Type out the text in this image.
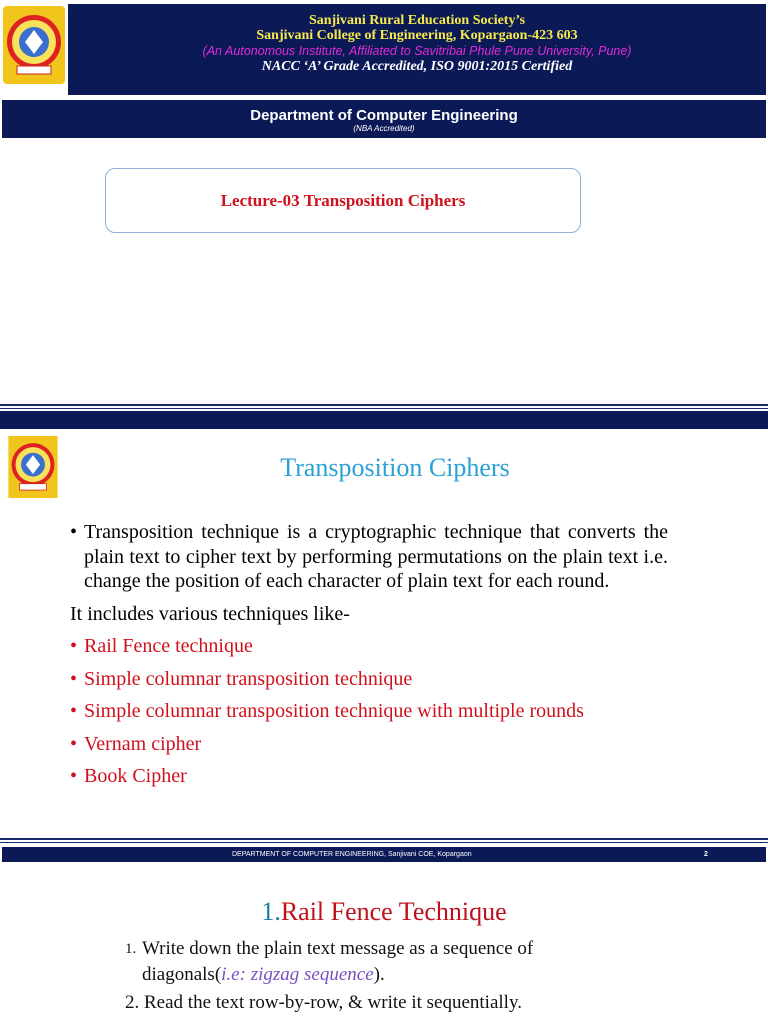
Sanjivani Rural Education Society’s
Sanjivani College of Engineering, Kopargaon-423 603
(An Autonomous Institute, Affiliated to Savitribai Phule Pune University, Pune)
NACC ‘A’ Grade Accredited, ISO 9001:2015 Certified
Department of Computer Engineering
(NBA Accredited)
Lecture-03 Transposition Ciphers
Transposition Ciphers
• Transposition technique is a cryptographic technique that converts the plain text to cipher text by performing permutations on the plain text i.e. change the position of each character of plain text for each round.
It includes various techniques like-
• Rail Fence technique
• Simple columnar transposition technique
• Simple columnar transposition technique with multiple rounds
• Vernam cipher
• Book Cipher
DEPARTMENT OF COMPUTER ENGINEERING, Sanjivani COE, Kopargaon	2
1.Rail Fence Technique
1. Write down the plain text message as a sequence of
diagonals(i.e: zigzag sequence).
2. Read the text row-by-row, & write it sequentially.
